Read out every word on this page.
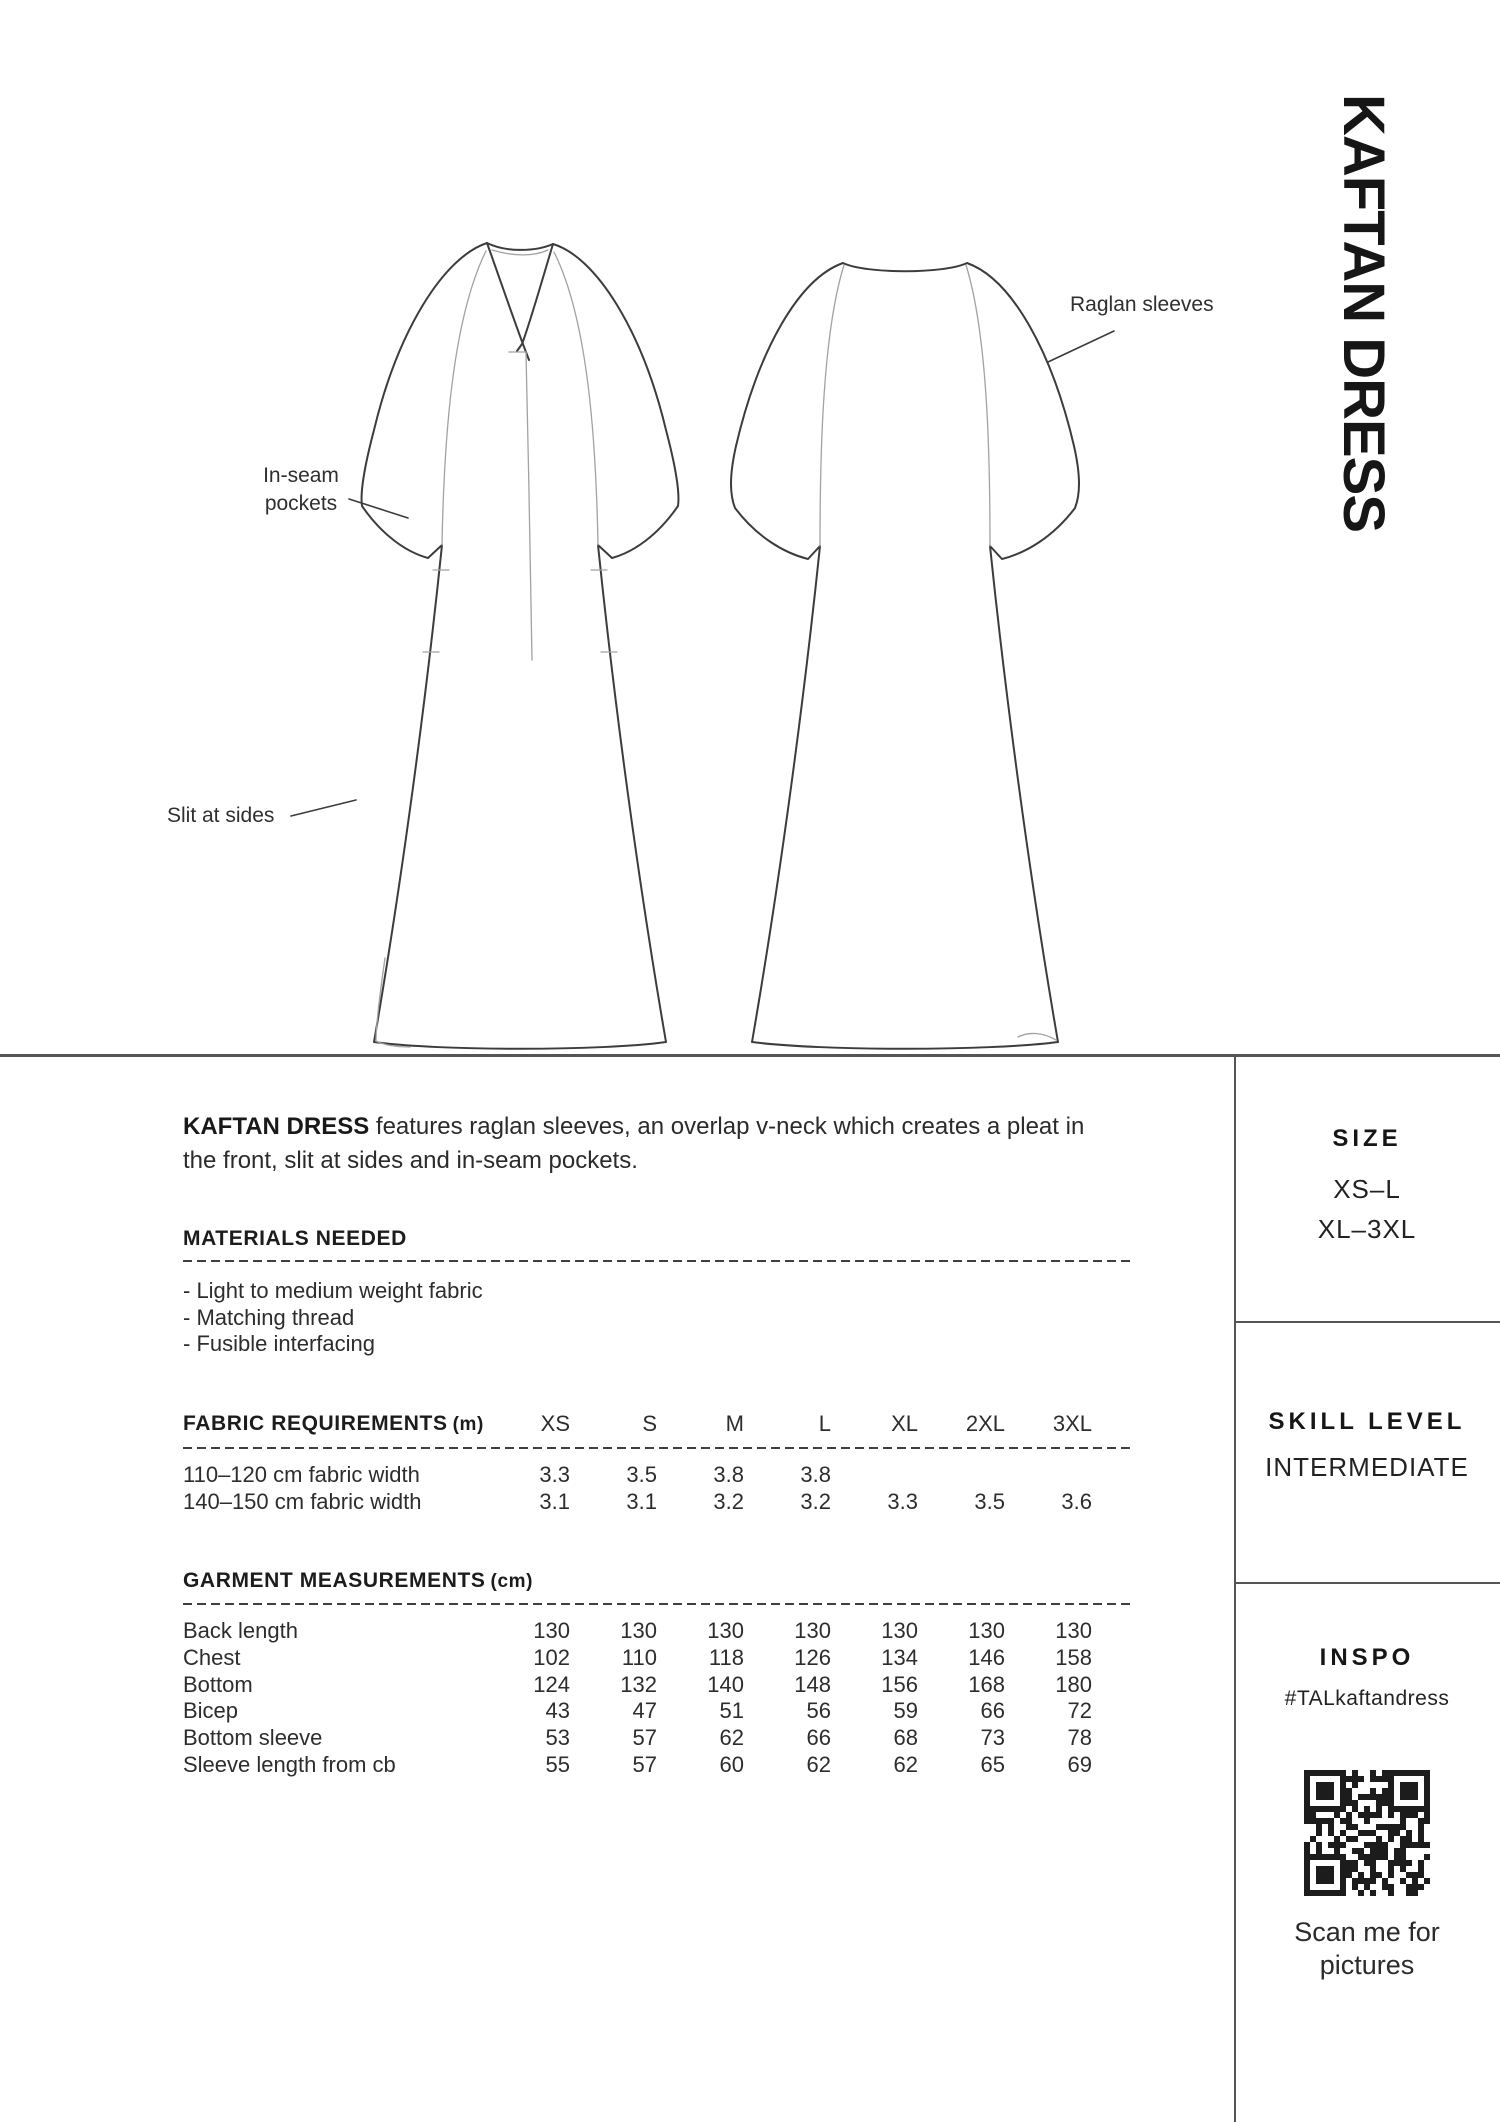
Raglan sleeves
In-seam
pockets
Slit at sides
KAFTAN DRESS
KAFTAN DRESS features raglan sleeves, an overlap v-neck which creates a pleat in
the front, slit at sides and in-seam pockets.
MATERIALS NEEDED
- Light to medium weight fabric
- Matching thread
- Fusible interfacing
FABRIC REQUIREMENTS (m)	XS	S	M	L	XL	2XL	3XL
110–120 cm fabric width	3.3	3.5	3.8	3.8
140–150 cm fabric width	3.1	3.1	3.2	3.2	3.3	3.5	3.6
GARMENT MEASUREMENTS (cm)
Back length	130	130	130	130	130	130	130
Chest	102	110	118	126	134	146	158
Bottom	124	132	140	148	156	168	180
Bicep	43	47	51	56	59	66	72
Bottom sleeve	53	57	62	66	68	73	78
Sleeve length from cb	55	57	60	62	62	65	69
SIZE
XS–L
XL–3XL
SKILL LEVEL
INTERMEDIATE
INSPO
#TALkaftandress
Scan me for
pictures
